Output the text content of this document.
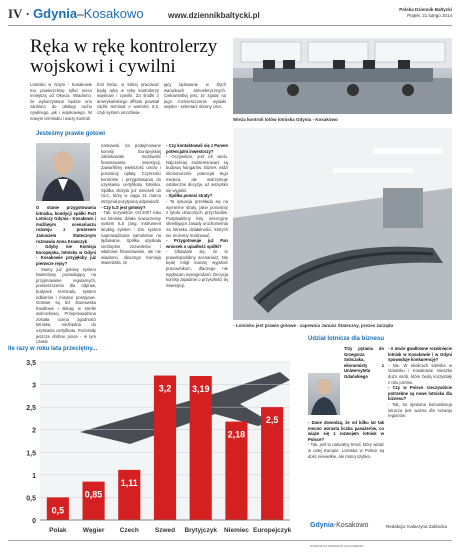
IV · Gdynia–Kosakowo	www.dziennikbaltycki.pl
Polska Dziennik Bałtycki
Piątek, 21 lutego 2014
Ręka w rękę kontrolerzy
wojskowi i cywilni
Lotnisko w Gdyni - Kosakowie ma powierzchnię tylko nieco mniejszą od Okęcia. Wiadomo, że wykorzystane będzie ono zarówno do obsługi ruchu cywilnego, jak i wojskowego. W nowym terminalu i wieży kontroli
troli lotów, w której pracować będą ręka w rękę kontrolerzy wojskowi i cywilni. Za środki z amerykańskiego offsetu powstał ciężki terminal o wartości 6,5, czyli system umożliwia-
jący lądowanie w złych warunkach atmosferycznych. Ciekawostką jest, że zgodę na jego rozmieszczenie wydało wojsko - sekretarz obrony USA.
Wieża kontroli lotów lotniska Gdynia - Kosakowo
- Lotnisko jest prawie gotowe - zapewnia Janusz Stateczny, prezes zarządu
Jesteśmy prawie gotowi
O stanie przygotowania lotniska, kondycji spółki Port Lotniczy Gdynia - Kosakowo i możliwym scenariuszu rozwoju z prezesem Januszem Statecznym rozmawia Anna Krawczyk
- Gdyby nie Komisja Europejska, lotnisko w Gdyni - Kosakowie przyjęłoby już pierwsze rejsy?
- Mamy już gotowy system kwietniowy pozwalający na przyjmowanie regularnych, pomieszczenia dla odpraw, budynek terminalu, system odbiorów i miejsce postojowe. Gotowe są też stanowiska handlowe i sklepy w strefie wolnocłowej. Przeprowadzona została ocena zgodności lotniska, niezbędna do uzyskania certyfikatu. Pozostały jeszcze drobne prace - w tym czasie
namowań, bo podejmowane komisji Europejskiej zablokowało możliwość finansowania inwestycji. Zawarliśmy większość umów i ponosimy opłaty. Czynności kontrolne i przygotowania do uzyskania certyfikatu lotniska. Spółka złożyła już wniosek do ULC, który w ciągu 31 marca otrzymał pozytywną odpowiedź.
- Czy ILS jest gotowy?
- Tak, oczywiście. Od 2007 roku na lotnisku działa nowoczesny system ILS (ang. instrument landing system - tzw. system naprowadzania samolotów na lądowanie. Spółka uzyskała niezbędne zezwolenia i właściwe finansowanie, ale nie wiadomo, dlaczego Komisja stwierdziła, że
- Czy kontaktowali się z Panem potencjalni inwestorzy?
- Oczywiście, jest ich wielu. Najczęściej zainteresowani są budową hangarów. Biznes widzi ekonomicznie potencjał tego miejsca, ale wstrzymuje ostateczne decyzje, aż wszystko się wyjaśni.
- Spółka ponosi straty?
- Ta sytuacja przekłada się na wymierne straty, jakie ponosimy z tytułu utraconych przychodów. Podpisaliśmy listy intencyjne określające zasady uruchomienia na lotnisku działalności, których nie możemy realizować.
- Przygotowuje już Pan wniosek o upadłość spółki?
- Obawiam się, że to prawdopodobny scenariusz. Nie będę mógł inaczej wyjaśnić pracownikom, dlaczego nie wypłacam wynagrodzeń. Decyzja komisji zapadnie o przyszłości tej inwestycji.
Ile razy w roku lata przeciętny...
3,5
3
2,5
2
1,5
1
0,5
0
0,5
Polak
0,85
Węgier
1,11
Czech
3,2
Szwed
3,19
Brytyjczyk
2,18
Niemiec
2,5
Europejczyk
Udział lotnicze dla biznesu
Trzy pytania do Grzegorza Sobczaka, ekonomisty z Uniwersytetu Gdańskiego
- Dane dowodzą, że od kilku lat tak mocno wzrasta liczba pasażerów, co wiąże się z rozwojem lotnisk w Polsce?
- Tak, jest to naturalny trend, który widać w całej Europie. Lotniska w Polsce są dość niewielkie, ale rosną szybko.
- A może gwałtowne rozwinięcie lotnisk w Kosakowie i w Gdyni spowoduje konkurencję?
- Nie. W okolicach lotniska w Gdańsku i Kosakowie mieszka dużo osób, które będą korzystały z obu portów.
- Czy w Polsce rzeczywiście potrzebne są nowe lotniska dla biznesu?
- Tak, bo sprawna komunikacja lotnicza jest ważna dla rozwoju regionów.
Gdynia-Kosakowo	Redakcja: Katarzyna Zabłocka
STRONA NA PRAWACH OGŁOSZENIA
